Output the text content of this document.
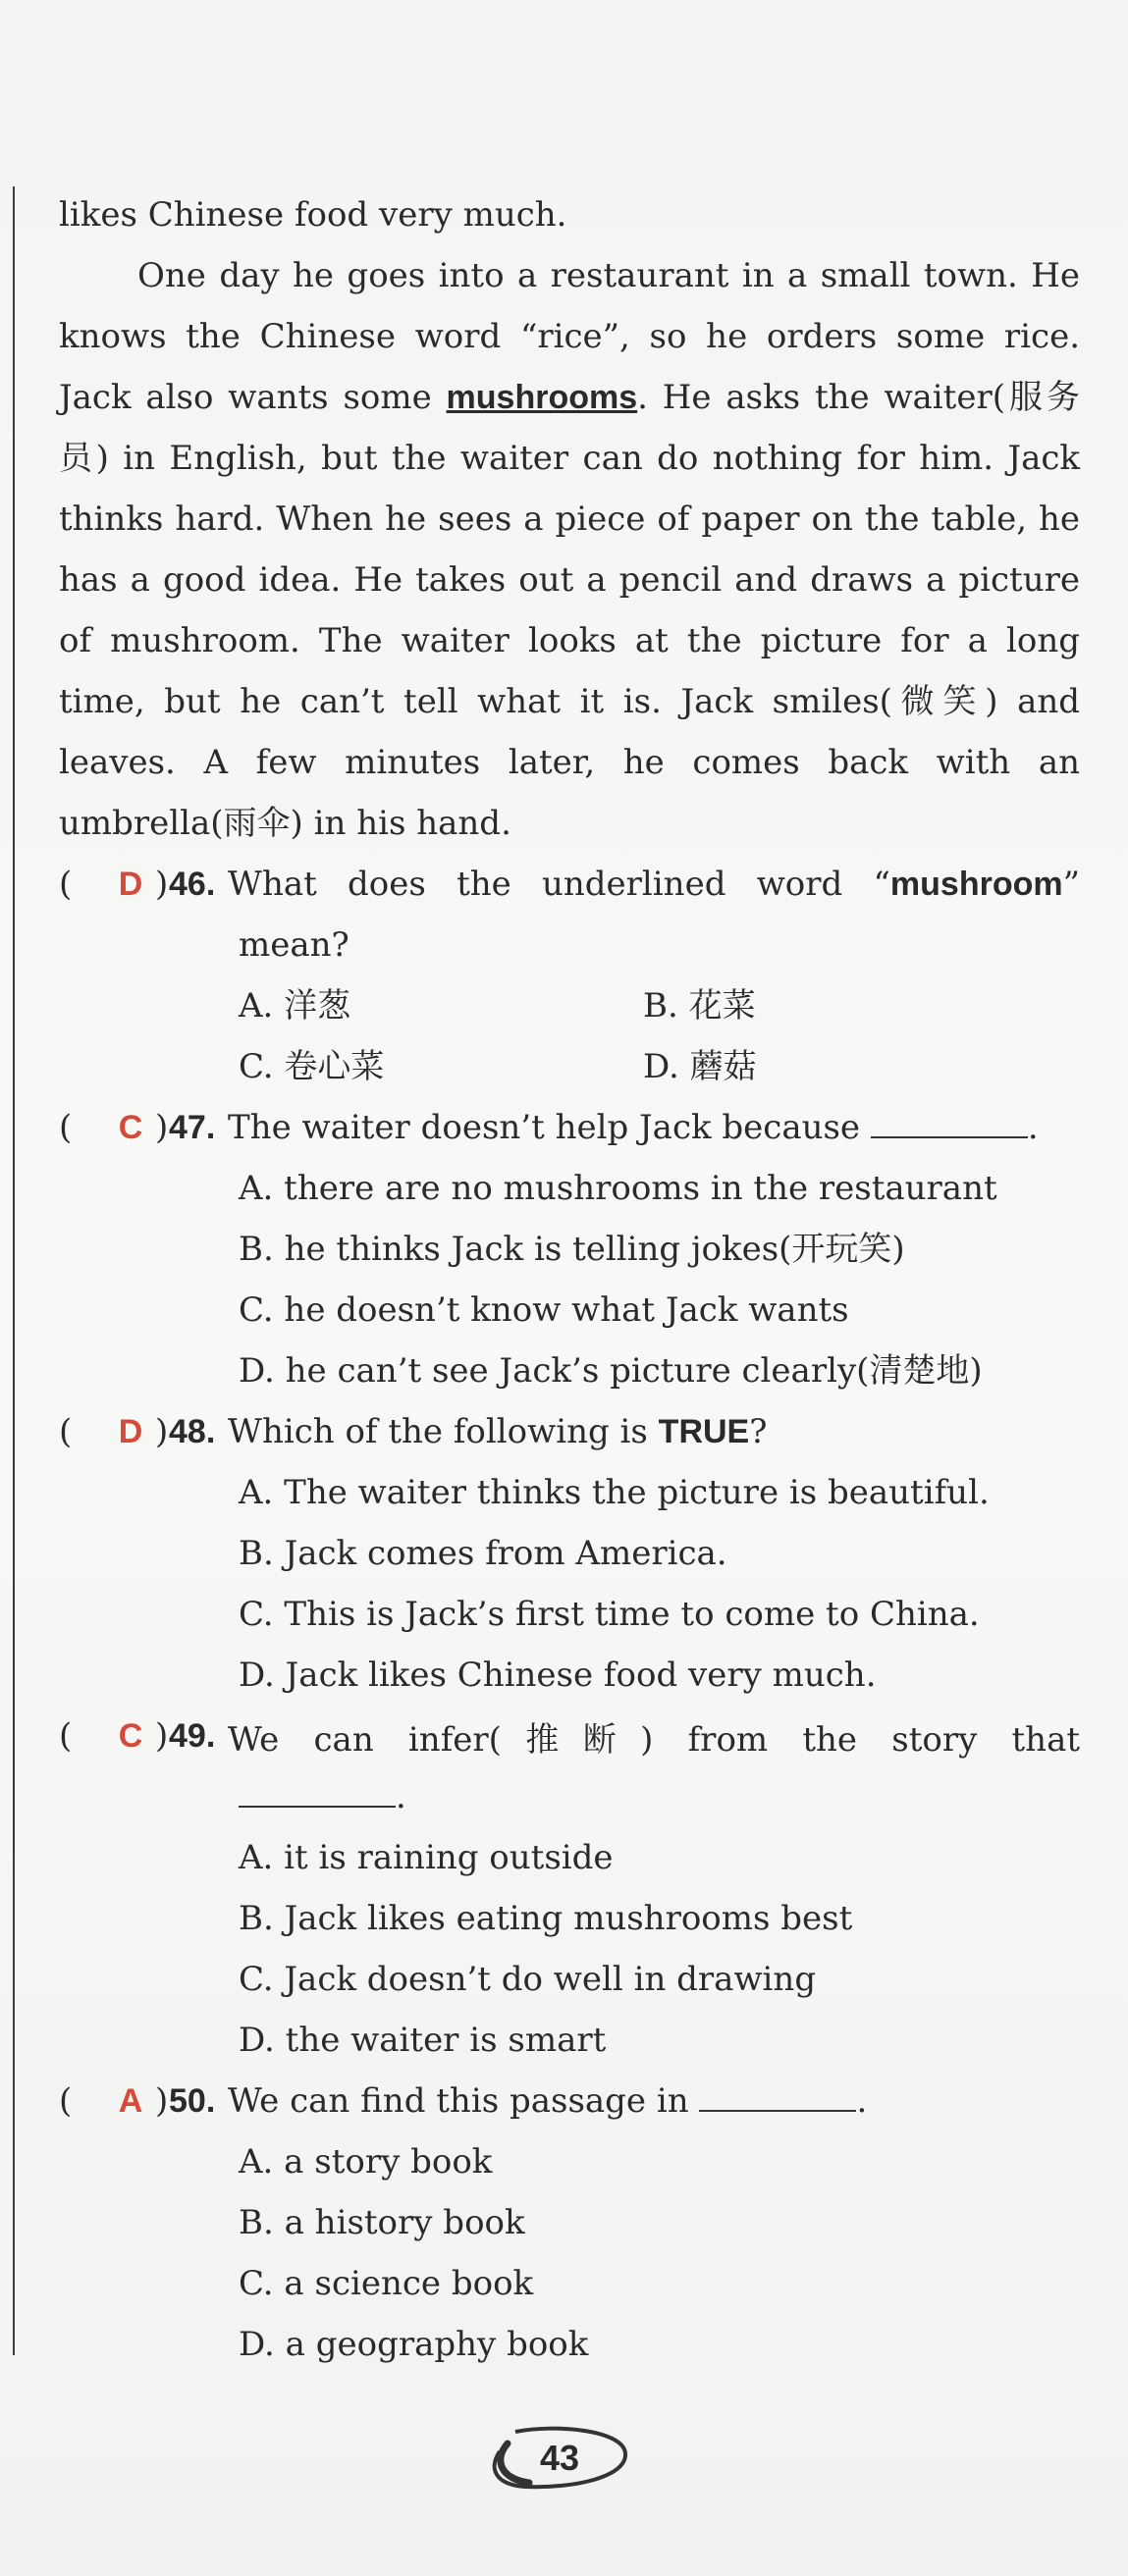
likes Chinese food very much.

One day he goes into a restaurant in a small town. He knows the Chinese word “rice”, so he orders some rice. Jack also wants some mushrooms. He asks the waiter(服务员) in English, but the waiter can do nothing for him. Jack thinks hard. When he sees a piece of paper on the table, he has a good idea. He takes out a pencil and draws a picture of mushroom. The waiter looks at the picture for a long time, but he can’t tell what it is. Jack smiles(微笑) and leaves. A few minutes later, he comes back with an umbrella(雨伞) in his hand.

(	D ) 46. What does the underlined word “mushroom”
mean?
A. 洋葱	B. 花菜
C. 卷心菜	D. 蘑菇
(	C ) 47. The waiter doesn’t help Jack because	.
A. there are no mushrooms in the restaurant
B. he thinks Jack is telling jokes(开玩笑)
C. he doesn’t know what Jack wants
D. he can’t see Jack’s picture clearly(清楚地)
(	D ) 48. Which of the following is TRUE?
A. The waiter thinks the picture is beautiful.
B. Jack comes from America.
C. This is Jack’s first time to come to China.
D. Jack likes Chinese food very much.
(	C ) 49. We can infer(推断) from the story that
.
A. it is raining outside
B. Jack likes eating mushrooms best
C. Jack doesn’t do well in drawing
D. the waiter is smart
(	A ) 50. We can find this passage in	.
A. a story book
B. a history book
C. a science book
D. a geography book
43
